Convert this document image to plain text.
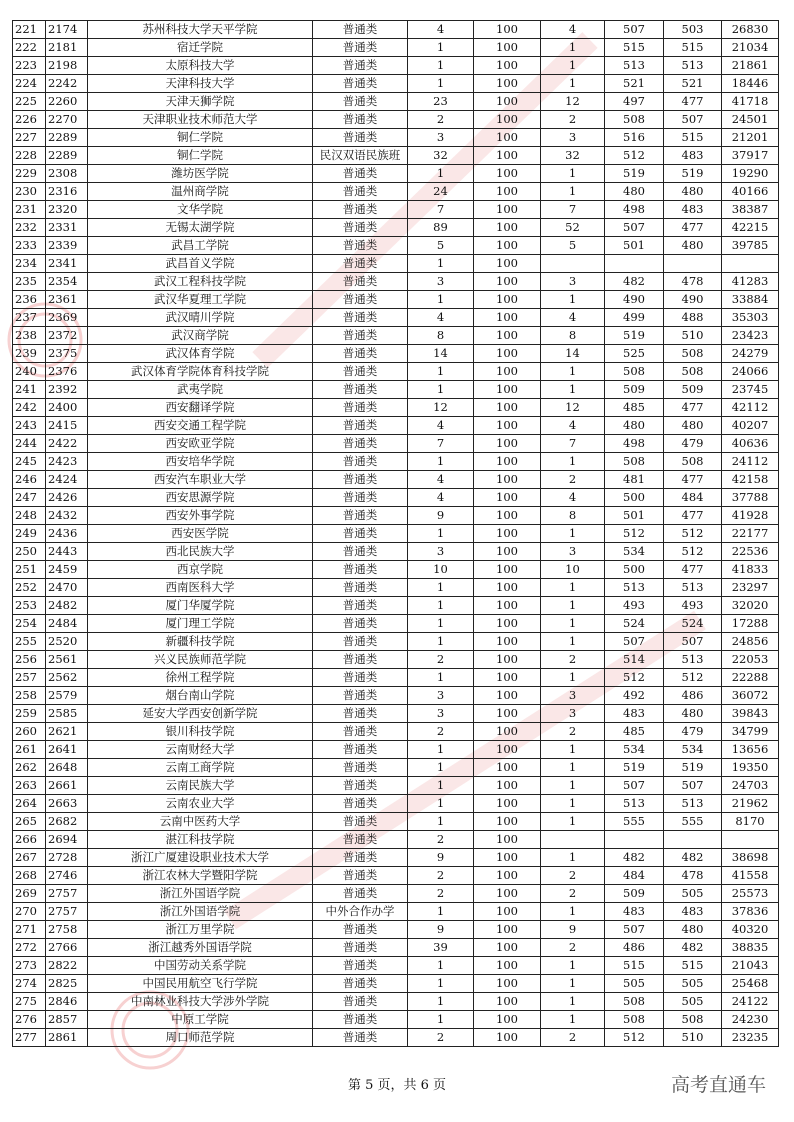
221	2174	苏州科技大学天平学院	普通类	4	100	4	507	503	26830
222	2181	宿迁学院	普通类	1	100	1	515	515	21034
223	2198	太原科技大学	普通类	1	100	1	513	513	21861
224	2242	天津科技大学	普通类	1	100	1	521	521	18446
225	2260	天津天狮学院	普通类	23	100	12	497	477	41718
226	2270	天津职业技术师范大学	普通类	2	100	2	508	507	24501
227	2289	铜仁学院	普通类	3	100	3	516	515	21201
228	2289	铜仁学院	民汉双语民族班	32	100	32	512	483	37917
229	2308	潍坊医学院	普通类	1	100	1	519	519	19290
230	2316	温州商学院	普通类	24	100	1	480	480	40166
231	2320	文华学院	普通类	7	100	7	498	483	38387
232	2331	无锡太湖学院	普通类	89	100	52	507	477	42215
233	2339	武昌工学院	普通类	5	100	5	501	480	39785
234	2341	武昌首义学院	普通类	1	100				
235	2354	武汉工程科技学院	普通类	3	100	3	482	478	41283
236	2361	武汉华夏理工学院	普通类	1	100	1	490	490	33884
237	2369	武汉晴川学院	普通类	4	100	4	499	488	35303
238	2372	武汉商学院	普通类	8	100	8	519	510	23423
239	2375	武汉体育学院	普通类	14	100	14	525	508	24279
240	2376	武汉体育学院体育科技学院	普通类	1	100	1	508	508	24066
241	2392	武夷学院	普通类	1	100	1	509	509	23745
242	2400	西安翻译学院	普通类	12	100	12	485	477	42112
243	2415	西安交通工程学院	普通类	4	100	4	480	480	40207
244	2422	西安欧亚学院	普通类	7	100	7	498	479	40636
245	2423	西安培华学院	普通类	1	100	1	508	508	24112
246	2424	西安汽车职业大学	普通类	4	100	2	481	477	42158
247	2426	西安思源学院	普通类	4	100	4	500	484	37788
248	2432	西安外事学院	普通类	9	100	8	501	477	41928
249	2436	西安医学院	普通类	1	100	1	512	512	22177
250	2443	西北民族大学	普通类	3	100	3	534	512	22536
251	2459	西京学院	普通类	10	100	10	500	477	41833
252	2470	西南医科大学	普通类	1	100	1	513	513	23297
253	2482	厦门华厦学院	普通类	1	100	1	493	493	32020
254	2484	厦门理工学院	普通类	1	100	1	524	524	17288
255	2520	新疆科技学院	普通类	1	100	1	507	507	24856
256	2561	兴义民族师范学院	普通类	2	100	2	514	513	22053
257	2562	徐州工程学院	普通类	1	100	1	512	512	22288
258	2579	烟台南山学院	普通类	3	100	3	492	486	36072
259	2585	延安大学西安创新学院	普通类	3	100	3	483	480	39843
260	2621	银川科技学院	普通类	2	100	2	485	479	34799
261	2641	云南财经大学	普通类	1	100	1	534	534	13656
262	2648	云南工商学院	普通类	1	100	1	519	519	19350
263	2661	云南民族大学	普通类	1	100	1	507	507	24703
264	2663	云南农业大学	普通类	1	100	1	513	513	21962
265	2682	云南中医药大学	普通类	1	100	1	555	555	8170
266	2694	湛江科技学院	普通类	2	100				
267	2728	浙江广厦建设职业技术大学	普通类	9	100	1	482	482	38698
268	2746	浙江农林大学暨阳学院	普通类	2	100	2	484	478	41558
269	2757	浙江外国语学院	普通类	2	100	2	509	505	25573
270	2757	浙江外国语学院	中外合作办学	1	100	1	483	483	37836
271	2758	浙江万里学院	普通类	9	100	9	507	480	40320
272	2766	浙江越秀外国语学院	普通类	39	100	2	486	482	38835
273	2822	中国劳动关系学院	普通类	1	100	1	515	515	21043
274	2825	中国民用航空飞行学院	普通类	1	100	1	505	505	25468
275	2846	中南林业科技大学涉外学院	普通类	1	100	1	508	505	24122
276	2857	中原工学院	普通类	1	100	1	508	508	24230
277	2861	周口师范学院	普通类	2	100	2	512	510	23235
第 5 页，共 6 页	高考直通车
